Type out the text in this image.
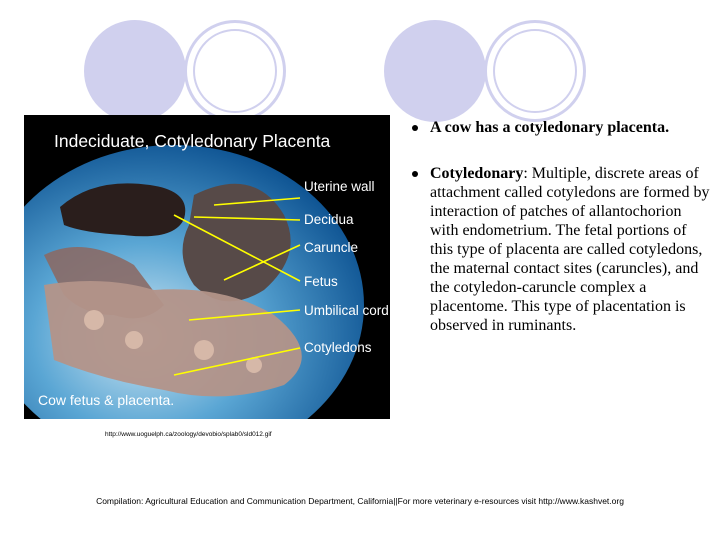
Indeciduate, Cotyledonary Placenta
Uterine wall
Decidua
Caruncle
Fetus
Umbilical cord
Cotyledons
Cow fetus & placenta.
A cow has a cotyledonary placenta.
Cotyledonary: Multiple, discrete areas of attachment called cotyledons are formed by interaction of patches of allantochorion with endometrium. The fetal portions of this type of placenta are called cotyledons, the maternal contact sites (caruncles), and the cotyledon-caruncle complex a placentome. This type of placentation is observed in ruminants.
http://www.uoguelph.ca/zoology/devobio/splab0/sld012.gif
Compilation: Agricultural Education and Communication Department, California||For more veterinary e-resources visit http://www.kashvet.org
